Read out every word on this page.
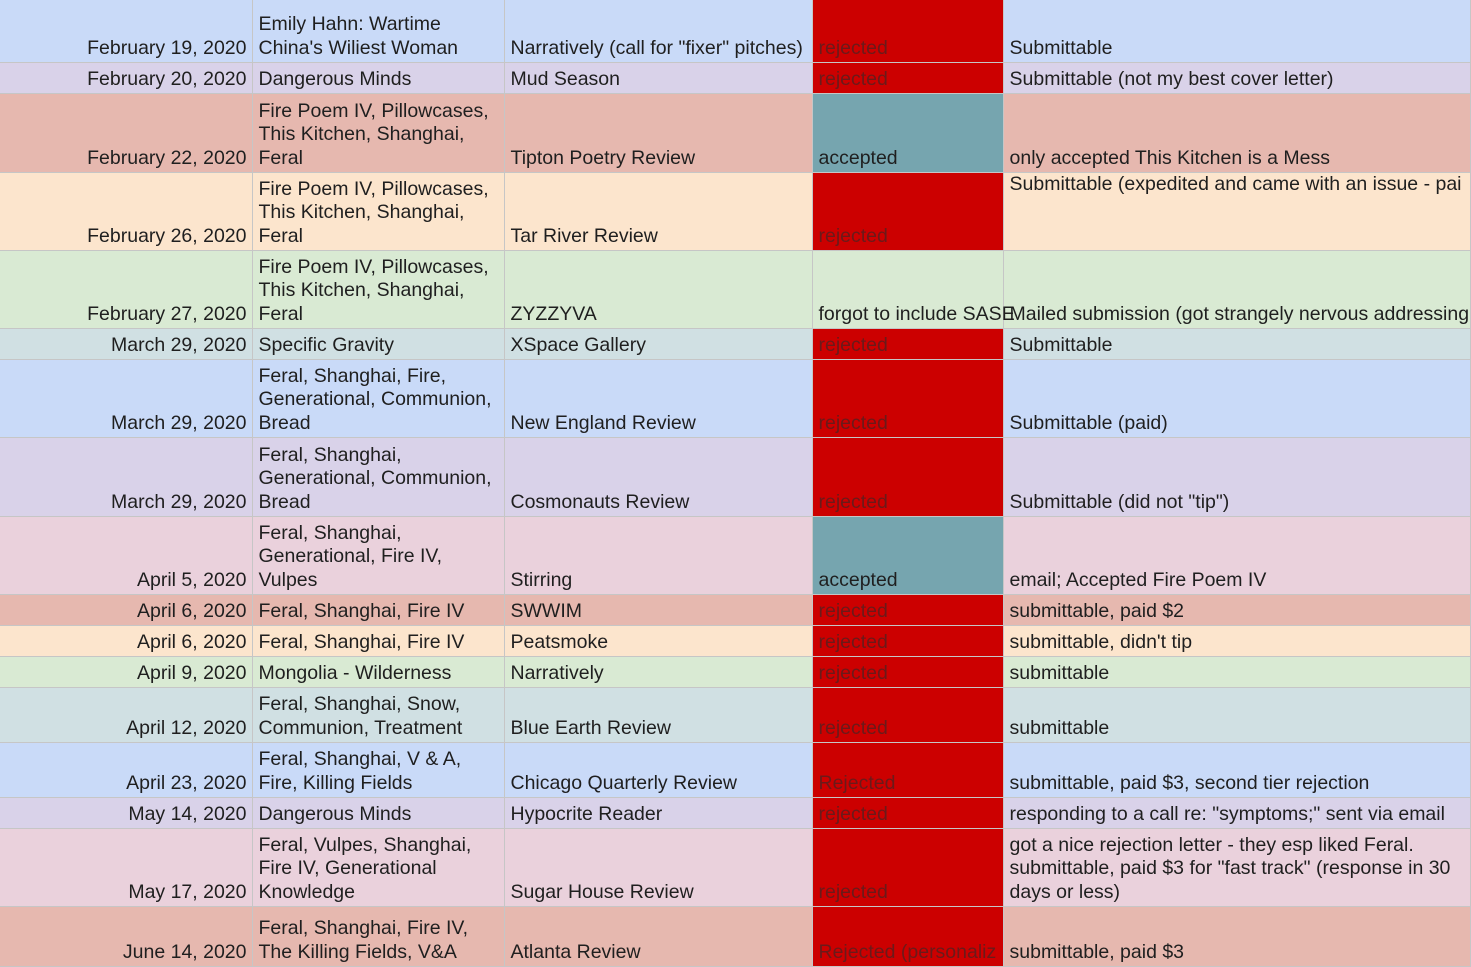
February 19, 2020	Emily Hahn: Wartime
China's Wiliest Woman	Narratively (call for "fixer" pitches)	rejected	Submittable
February 20, 2020	Dangerous Minds	Mud Season	rejected	Submittable (not my best cover letter)
February 22, 2020	Fire Poem IV, Pillowcases,
This Kitchen, Shanghai,
Feral	Tipton Poetry Review	accepted	only accepted This Kitchen is a Mess
February 26, 2020	Fire Poem IV, Pillowcases,
This Kitchen, Shanghai,
Feral	Tar River Review	rejected	Submittable (expedited and came with an issue - pai
February 27, 2020	Fire Poem IV, Pillowcases,
This Kitchen, Shanghai,
Feral	ZYZZYVA	forgot to include SASE	Mailed submission (got strangely nervous addressing
March 29, 2020	Specific Gravity	XSpace Gallery	rejected	Submittable
March 29, 2020	Feral, Shanghai, Fire,
Generational, Communion,
Bread	New England Review	rejected	Submittable (paid)
March 29, 2020	Feral, Shanghai,
Generational, Communion,
Bread	Cosmonauts Review	rejected	Submittable (did not "tip")
April 5, 2020	Feral, Shanghai,
Generational, Fire IV,
Vulpes	Stirring	accepted	email; Accepted Fire Poem IV
April 6, 2020	Feral, Shanghai, Fire IV	SWWIM	rejected	submittable, paid $2
April 6, 2020	Feral, Shanghai, Fire IV	Peatsmoke	rejected	submittable, didn't tip
April 9, 2020	Mongolia - Wilderness	Narratively	rejected	submittable
April 12, 2020	Feral, Shanghai, Snow,
Communion, Treatment	Blue Earth Review	rejected	submittable
April 23, 2020	Feral, Shanghai, V & A,
Fire, Killing Fields	Chicago Quarterly Review	Rejected	submittable, paid $3, second tier rejection
May 14, 2020	Dangerous Minds	Hypocrite Reader	rejected	responding to a call re: "symptoms;" sent via email
May 17, 2020	Feral, Vulpes, Shanghai,
Fire IV, Generational
Knowledge	Sugar House Review	rejected	got a nice rejection letter - they esp liked Feral.
submittable, paid $3 for "fast track" (response in 30
days or less)
June 14, 2020	Feral, Shanghai, Fire IV,
The Killing Fields, V&A	Atlanta Review	Rejected (personaliz	submittable, paid $3
